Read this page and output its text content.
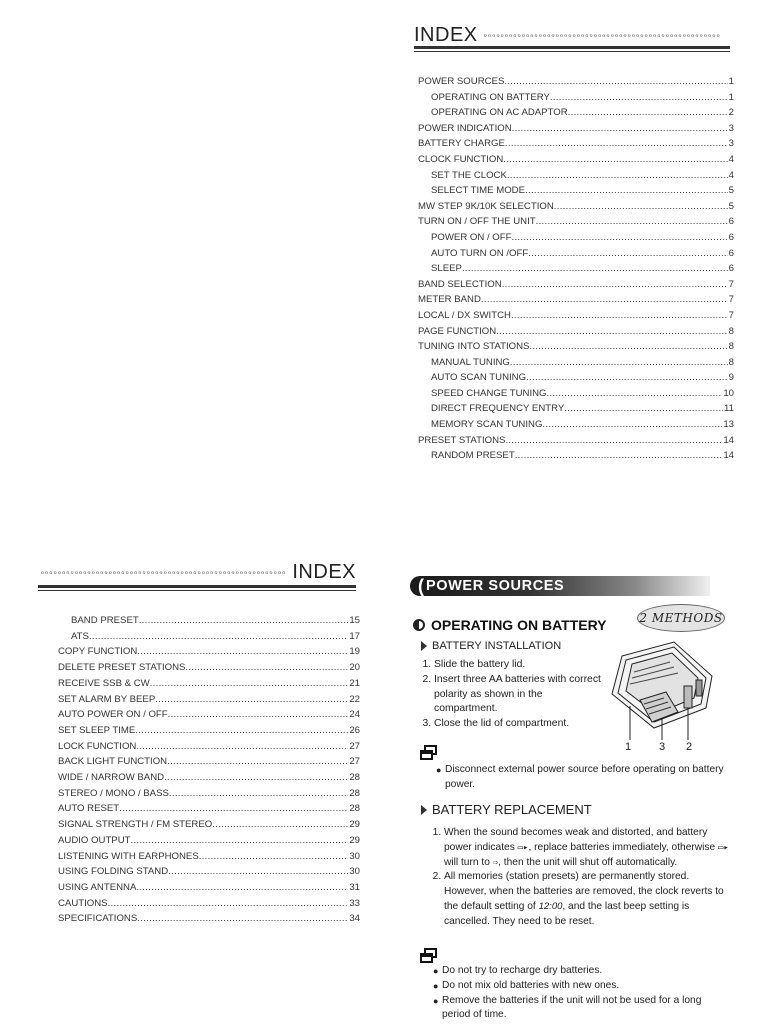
INDEX ℴℴℴℴℴℴℴℴℴℴℴℴℴℴℴℴℴℴℴℴℴℴℴℴℴℴℴℴℴℴℴℴℴℴℴℴℴℴℴℴℴℴℴℴℴℴℴℴℴℴℴℴℴℴℴℴ
POWER SOURCES .....	1
OPERATING ON BATTERY .....	1
OPERATING ON AC ADAPTOR .....	2
POWER INDICATION .....	3
BATTERY CHARGE .....	3
CLOCK FUNCTION .....	4
SET THE CLOCK .....	4
SELECT TIME MODE .....	5
MW STEP 9K/10K SELECTION .....	5
TURN ON / OFF THE UNIT .....	6
POWER ON / OFF .....	6
AUTO TURN ON /OFF .....	6
SLEEP .....	6
BAND SELECTION .....	7
METER BAND .....	7
LOCAL / DX SWITCH .....	7
PAGE FUNCTION .....	8
TUNING INTO STATIONS .....	8
MANUAL TUNING .....	8
AUTO SCAN TUNING .....	9
SPEED CHANGE TUNING .....	10
DIRECT FREQUENCY ENTRY .....	11
MEMORY SCAN TUNING .....	13
PRESET STATIONS .....	14
RANDOM PRESET .....	14
ℴℴℴℴℴℴℴℴℴℴℴℴℴℴℴℴℴℴℴℴℴℴℴℴℴℴℴℴℴℴℴℴℴℴℴℴℴℴℴℴℴℴℴℴℴℴℴℴℴℴℴℴℴℴℴℴℴℴ INDEX
BAND PRESET .....	15
ATS .....	17
COPY FUNCTION .....	19
DELETE PRESET STATIONS .....	20
RECEIVE SSB & CW .....	21
SET ALARM BY BEEP .....	22
AUTO POWER ON / OFF .....	24
SET SLEEP TIME .....	26
LOCK FUNCTION .....	27
BACK LIGHT FUNCTION .....	27
WIDE / NARROW BAND .....	28
STEREO / MONO / BASS .....	28
AUTO RESET .....	28
SIGNAL STRENGTH / FM STEREO .....	29
AUDIO OUTPUT .....	29
LISTENING WITH EARPHONES .....	30
USING FOLDING STAND .....	30
USING ANTENNA .....	31
CAUTIONS .....	33
SPECIFICATIONS .....	34
( POWER SOURCES
OPERATING ON BATTERY	2 METHODS
BATTERY INSTALLATION
1. Slide the battery lid.
2. Insert three AA batteries with correct polarity as shown in the compartment.
3. Close the lid of compartment.
1	3 2
● Disconnect external power source before operating on battery power.
BATTERY REPLACEMENT
1. When the sound becomes weak and distorted, and battery power indicates ▭▸, replace batteries immediately, otherwise ▭▸ will turn to ⇨, then the unit will shut off automatically.
2. All memories (station presets) are permanently stored. However, when the batteries are removed, the clock reverts to the default setting of 12:00, and the last beep setting is cancelled. They need to be reset.
● Do not try to recharge dry batteries.
● Do not mix old batteries with new ones.
● Remove the batteries if the unit will not be used for a long period of time.
